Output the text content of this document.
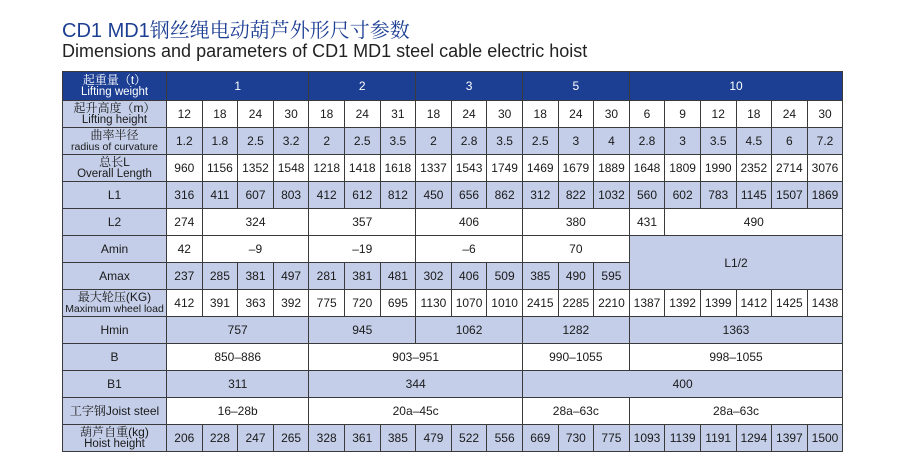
CD1 MD1钢丝绳电动葫芦外形尺寸参数
Dimensions and parameters of CD1 MD1 steel cable electric hoist
起重量（t）
Lifting weight	1				2			3			5			10					

起升高度（m）
Lifting height	12	18	24	30	18	24	31	18	24	30	18	24	30	6	9	12	18	24	30

曲率半径
radius of curvature	1.2	1.8	2.5	3.2	2	2.5	3.5	2	2.8	3.5	2.5	3	4	2.8	3	3.5	4.5	6	7.2

总长L
Overall Length	960	1156	1352	1548	1218	1418	1618	1337	1543	1749	1469	1679	1889	1648	1809	1990	2352	2714	3076
L1	316	411	607	803	412	612	812	450	656	862	312	822	1032	560	602	783	1145	1507	1869
L2	274	324			357			406			380			431	490				
Amin	42	–9			–19			–6			70			L1/2					
Amax	237	285	381	497	281	381	481	302	406	509	385	490	595						

最大轮压(KG)
Maximum wheel load	412	391	363	392	775	720	695	1130	1070	1010	2415	2285	2210	1387	1392	1399	1412	1425	1438
Hmin	757				945			1062			1282			1363					
B	850–886				903–951						990–1055			998–1055					
B1	311				344						400								
工字钢Joist steel	16–28b				20a–45c						28a–63c			28a–63c					

葫芦自重(kg)
Hoist height	206	228	247	265	328	361	385	479	522	556	669	730	775	1093	1139	1191	1294	1397	1500
